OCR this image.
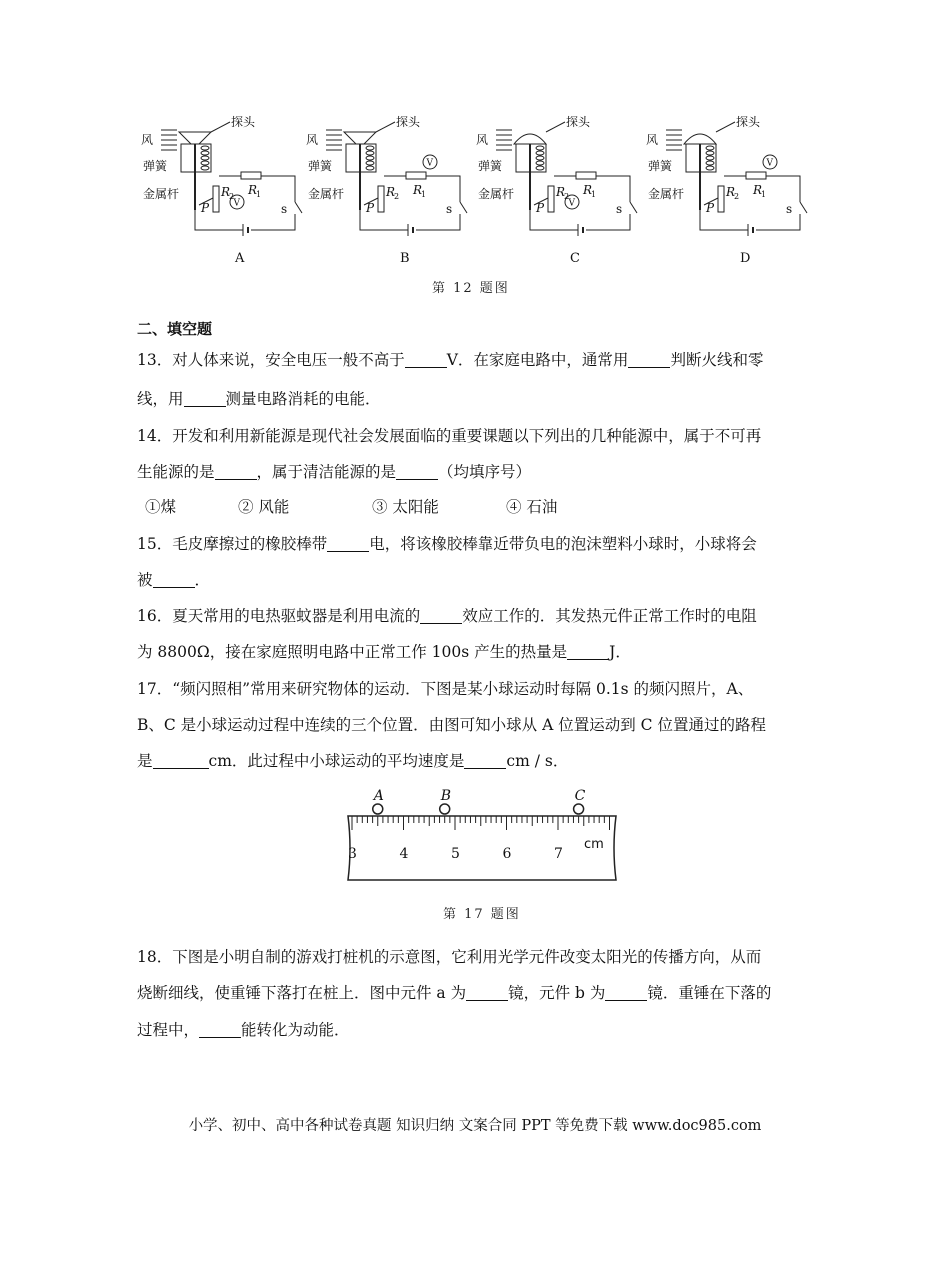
风
探头
弹簧
金属杆
P
R
2 R
1
V	s
A
风
探头
弹簧
金属杆
P
R
2 R
1
V
s
B
风
探头
弹簧
金属杆
P
R
2 R
1
V	s
C
风
探头
弹簧
金属杆
P
R
2 R
1
V
s
D
第 12 题图
二、填空题
13．对人体来说，安全电压一般不高于	V．在家庭电路中，通常用	判断火线和零
线，用	测量电路消耗的电能．
14．开发和利用新能源是现代社会发展面临的重要课题以下列出的几种能源中，属于不可再
生能源的是	，属于清洁能源的是	（均填序号）
①煤	② 风能	③ 太阳能	④ 石油
15．毛皮摩擦过的橡胶棒带	电，将该橡胶棒靠近带负电的泡沫塑料小球时，小球将会
被	．
16．夏天常用的电热驱蚊器是利用电流的	效应工作的．其发热元件正常工作时的电阻
为 8800Ω，接在家庭照明电路中正常工作 100s 产生的热量是	J．
17．“频闪照相”常用来研究物体的运动．下图是某小球运动时每隔 0.1s 的频闪照片，A、
B、C 是小球运动过程中连续的三个位置．由图可知小球从 A 位置运动到 C 位置通过的路程
是	cm．此过程中小球运动的平均速度是	cm / s．
3	4	5	6	7
cm
A	B	C
第 17 题图
18．下图是小明自制的游戏打桩机的示意图，它利用光学元件改变太阳光的传播方向，从而
烧断细线，使重锤下落打在桩上．图中元件 a 为	镜，元件 b 为	镜．重锤在下落的
过程中，	能转化为动能．
小学、初中、高中各种试卷真题 知识归纳 文案合同 PPT 等免费下载 www.doc985.com
